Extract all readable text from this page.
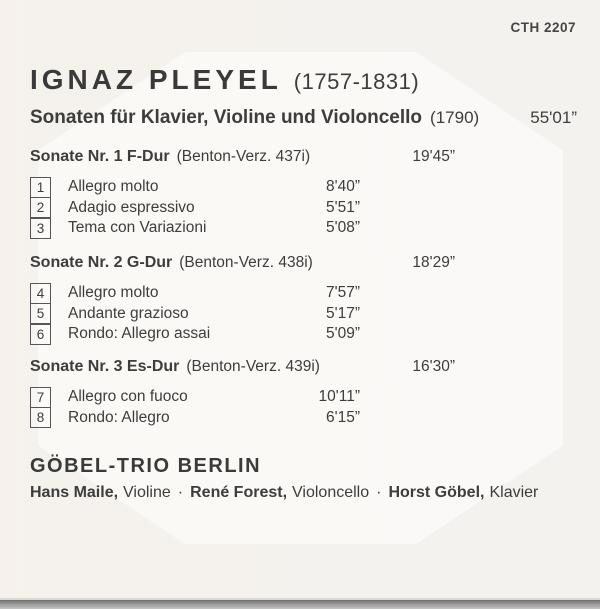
CTH 2207
IGNAZ PLEYEL (1757-1831)
Sonaten für Klavier, Violine und Violoncello (1790)	55'01”
Sonate Nr. 1 F-Dur (Benton-Verz. 437i)	19'45”
1	Allegro molto	8'40”
2	Adagio espressivo	5'51”
3	Tema con Variazioni	5'08”
Sonate Nr. 2 G-Dur (Benton-Verz. 438i)	18'29”
4	Allegro molto	7'57”
5	Andante grazioso	5'17”
6	Rondo: Allegro assai	5'09”
Sonate Nr. 3 Es-Dur (Benton-Verz. 439i)	16'30”
7	Allegro con fuoco	10'11”
8	Rondo: Allegro	6'15”
GÖBEL-TRIO BERLIN
Hans Maile, Violine · René Forest, Violoncello · Horst Göbel, Klavier
